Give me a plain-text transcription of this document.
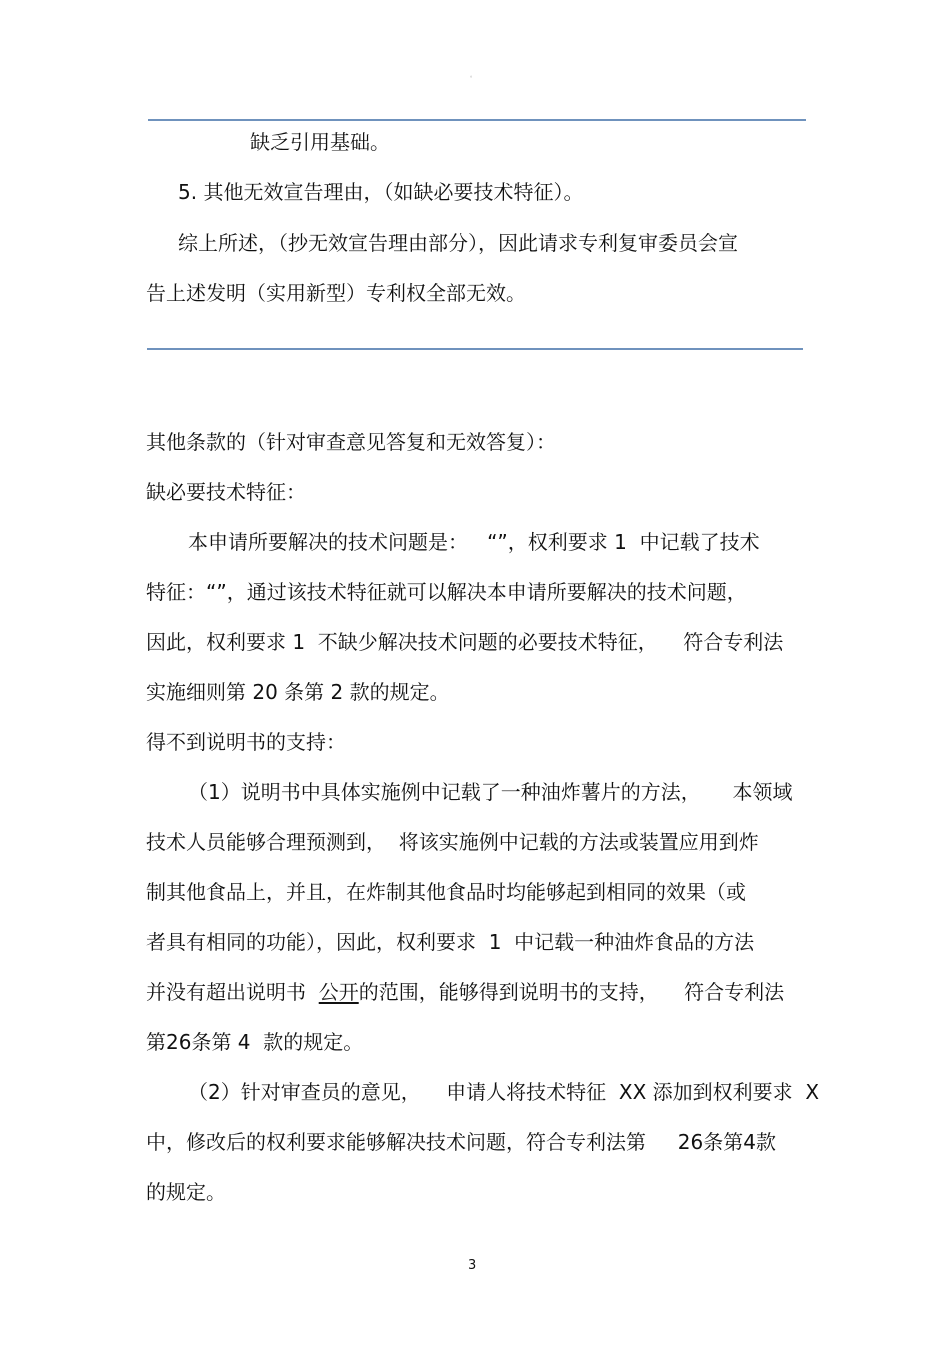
。
缺乏引用基础。
5. 其他无效宣告理由，（如缺必要技术特征）。
综上所述，（抄无效宣告理由部分），因此请求专利复审委员会宣
告上述发明（实用新型）专利权全部无效。
其他条款的（针对审查意见答复和无效答复）：
缺必要技术特征：
本申请所要解决的技术问题是：   “”，权利要求 1  中记载了技术
特征：“”，通过该技术特征就可以解决本申请所要解决的技术问题，
因此，权利要求 1  不缺少解决技术问题的必要技术特征，    符合专利法
实施细则第 20 条第 2 款的规定。
得不到说明书的支持：
（1）说明书中具体实施例中记载了一种油炸薯片的方法，     本领域
技术人员能够合理预测到，  将该实施例中记载的方法或装置应用到炸
制其他食品上，并且，在炸制其他食品时均能够起到相同的效果（或
者具有相同的功能），因此，权利要求  1  中记载一种油炸食品的方法
并没有超出说明书  公开的范围，能够得到说明书的支持，    符合专利法
第26条第 4  款的规定。
（2）针对审查员的意见，    申请人将技术特征  XX 添加到权利要求  X
中，修改后的权利要求能够解决技术问题，符合专利法第     26条第4款
的规定。
3
